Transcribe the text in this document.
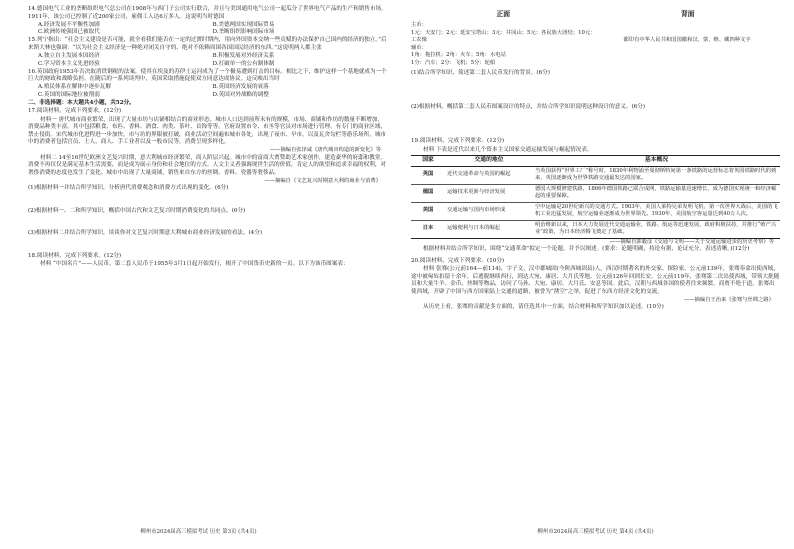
14.德国电气工业的垄断组织电气总公司在1908年与西门子公司实行联合，并且与美国通用电气公司一起瓜分了世界电气产品的生产和销售市场。1911年，该公司已控制了近200家公司，雇佣工人达6万多人。这说明当时德国
A.经济发展不平衡性加剧	B.美德两国实现国际贸易
C.欧洲传统强国已被取代	D.垄断组织影响国际市场
15.列宁指出：“社会主义建设是否可能，就全看我们能否在一定的过渡时期内，用向外国资本交纳一些贡赋的办法保护自己国内的经济的独立。”后来斯大林也强调：“以为社会主义经济是一种绝对闭关自守的、绝对不依赖周围各国国民经济的东西。”这说明两人都主张
A.独立自主发展本国经济	B.积极发展对外经济关系
C.学习资本主义先进经验	D.打破单一的公有制体制
16.英国政府1953年否决取消铁钢税的法案，使其在埃及的苏伊士运河成为了一个极易遭到打击的目标。相比之下，维护这样一个基地就成为一个巨大的财政和战略负担。在随后的一系列谈判中，英国采取措施促使双方同意达成协议。这反映出当时
A.殖民体系在解体中逐步瓦解	B.英国经济发展的衰落
C.英国的国际地位被削弱	D.英国对外战略的调整
二、非选择题：本大题共4小题，共52分。
17.阅读材料，完成下列要求。(12分)
材料一 唐代城市商业繁荣，出现了大量市坊与店铺相结合的商业形态。城市人口达到前所未有的规模，市场、商铺和作坊的数量不断增加，消费品种类丰富，其中包括粮食、布匹、香料、酒食、肉类、茶叶、首饰等等。官府设置市令、市丞等官员对市场进行管理，有专门的商业区域，禁止侵街。宋代城市化进程进一步加快，市与坊的界限被打破，商业活动空间遍布城市各处，出现了夜市、早市，以及瓦舍勾栏等游乐场所，城市中的消费者包括官员、士人、商人、手工业者以及一般市民等，消费呈现多样化。
——摘编自张泽咸《唐代城市构造的新变化》等
材料二 14至16世纪欧洲文艺复兴时期，意大利城市经济繁荣，商人阶层兴起。城市中的富商大贾赞助艺术家创作，建造豪华的府邸和教堂。消费不再仅仅是满足基本生活需要，而是成为展示身份和社会地位的方式。人文主义者强调现世生活的价值，肯定人的欲望和追求幸福的权利，对奢侈消费的态度也发生了变化。城市中出现了大量商铺，销售来自东方的丝绸、香料、瓷器等奢侈品。
——摘编自《文艺复兴时期意大利的商业与消费》
(1)根据材料一并结合所学知识，分析唐代消费观念和消费方式出现的变化。(6分)
(2)根据材料一、二和所学知识，概括中国古代和文艺复兴时期消费变化的共同点。(6分)
(3)根据材料二并结合所学知识，谈谈你对文艺复兴时期意大利城市商业经济发展的看法。(4分)
18.阅读材料，完成下列要求。(12分)
材料 “中国名片”——人民币。第二套人民币于1955年3月1日起开始发行，揭开了中国货币史新的一页。以下为该币图案表：
柳州市2024届高三模拟考试 历史 第3页 (共4页)
正面	背面
主币：
1元：天安门；2元：延安宝塔山；3元：井冈山；5元：各民族大团结；10元：工农像
辅币：
1角：拖拉机；2角：火车；5角：水电站
1分：汽车；2分：飞机；5分：轮船
都印有中华人民共和国国徽和汉、蒙、维、藏四种文字
(1)结合所学知识，简述第二套人民币发行的背景。(6分)
(2)根据材料，概括第二套人民币图案设计的特点，并结合所学知识说明这种设计的意义。(6分)
19.阅读材料，完成下列要求。(12分)
材料 下表是近代以来几个资本主义国家交通运输发展与崛起情况表。
国家	交通的地位	基本概况
英国	近代交通革命与英国的崛起	当英国获得“世界工厂”称号时，1830年利物浦至曼彻斯特间第一条铁路的运营标志着英国铁路时代的到来，英国逐渐成为世界铁路交通最发达的国家。
德国	运输技术更新与经济发展	德国大规模修建铁路，1866年德国铁路已联合成网，铁路运输量迅速增长，成为德国实现统一和经济崛起的重要保障。
美国	交通运输与国内市场形成	空中运输是20世纪新兴的交通方式。1903年，美国人莱特兄弟发明飞机，第一次世界大战后，美国的飞机工业迅猛发展，航空运输业逐渐成为世界领先。1930年，美国航空客运量达到40万人次。
日本	运输便利与日本的崛起	明治维新以来，日本大力发展近代交通运输业，铁路、航运等迅速发展，政府积极扶持，并推行“殖产兴业”政策，为日本经济腾飞奠定了基础。
——摘编自郭毅彦《交通与文明——关于交通运输进步的历史考察》等
根据材料并结合所学知识，围绕“交通革命”拟定一个论题，并予以阐述。(要求：论题明确，持论有据，论证充分，表述清晰。)(12分)
20.阅读材料，完成下列要求。(10分)
材料 张骞(公元前164—前114)，字子文，汉中郡城固(今陕西城固县)人，西汉时期著名的外交家、探险家。公元前139年，张骞奉命出使西域，途中被匈奴扣留十余年，后逃脱继续西行，到达大宛、康居、大月氏等地。公元前126年回到长安。公元前119年，张骞第二次出使西域，带领大批随员和大量牛羊、金币、丝绸等物品，访问了乌孙、大宛、康居、大月氏、安息等国。此后，汉朝与西域各国的使者往来频繁，商贾不绝于道。张骞出使西域，开辟了中国与西方国家陆上交通的道路，被誉为“凿空”之举，促进了东西方经济文化的交流。
——摘编自王治来《张骞与丝绸之路》
从历史上看，张骞的贡献是多方面的，请任选其中一方面，结合材料和所学知识加以论述。(10分)
柳州市2024届高三模拟考试 历史 第4页 (共4页)
